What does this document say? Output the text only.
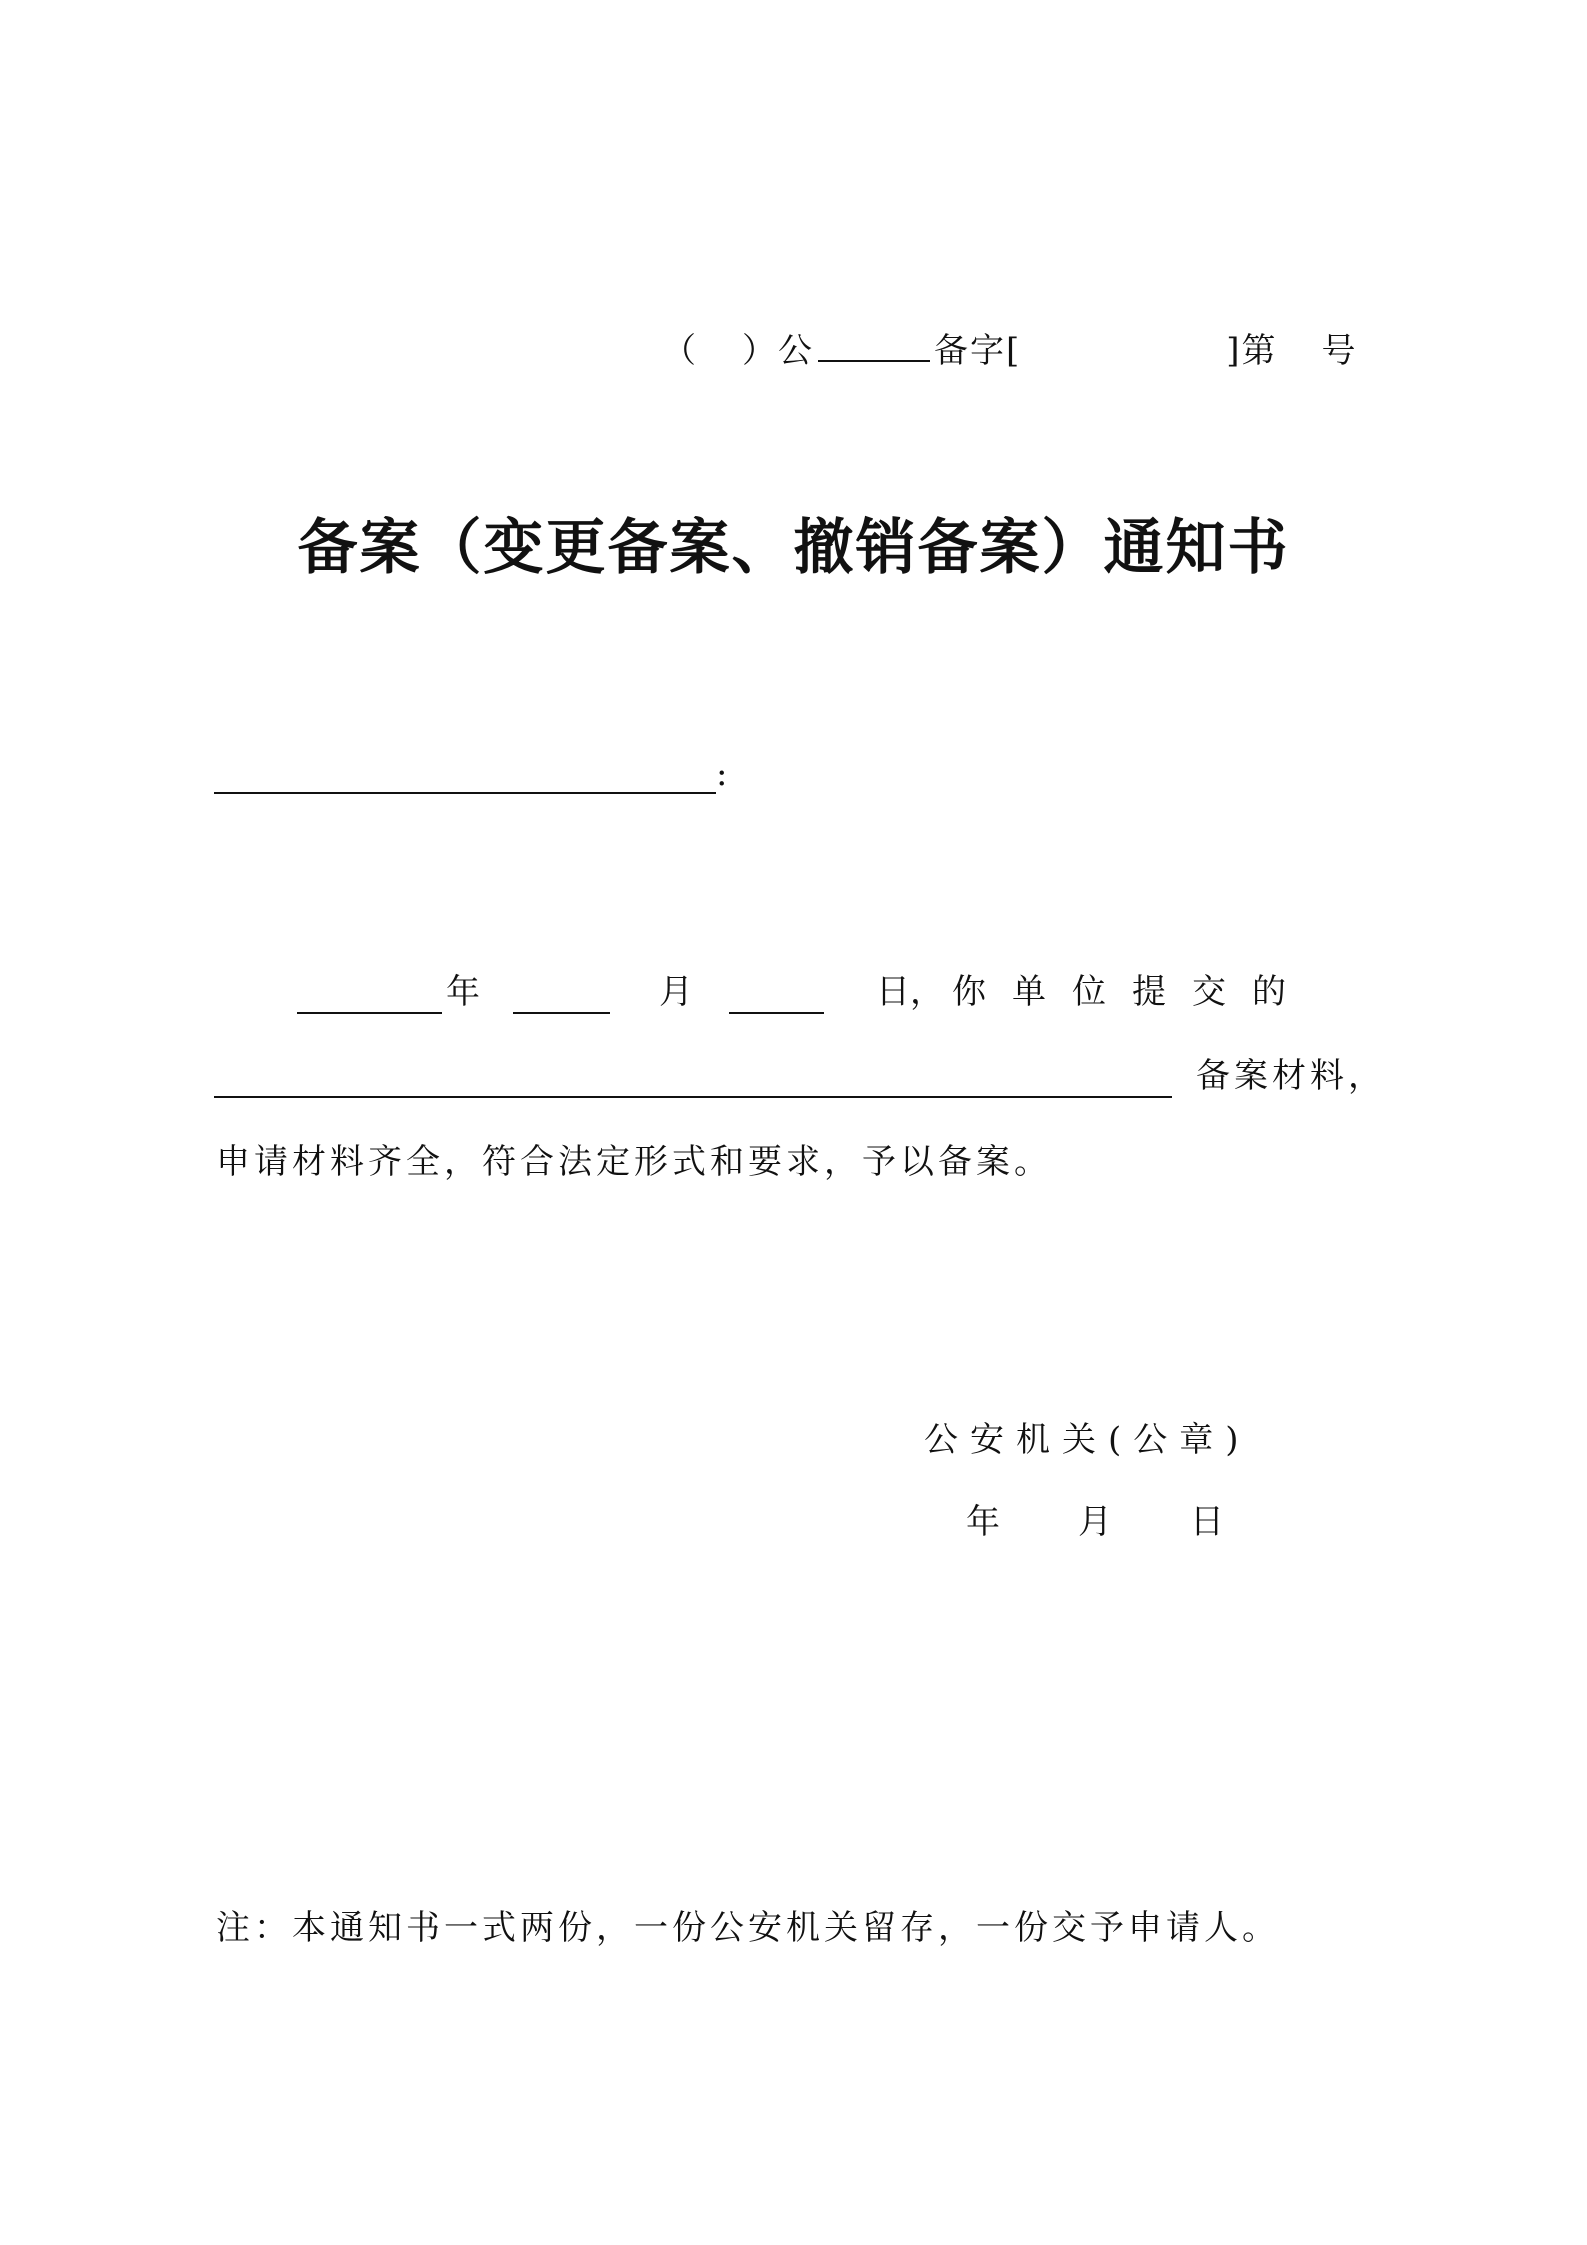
（ ）公	备字[	]第 号
备案（变更备案、撤销备案）通知书
:
年	月	日， 你单位提交的
备案材料，
申请材料齐全，符合法定形式和要求，予以备案。
公安机关(公章)
年 月 日
注：本通知书一式两份，一份公安机关留存，一份交予申请人。
